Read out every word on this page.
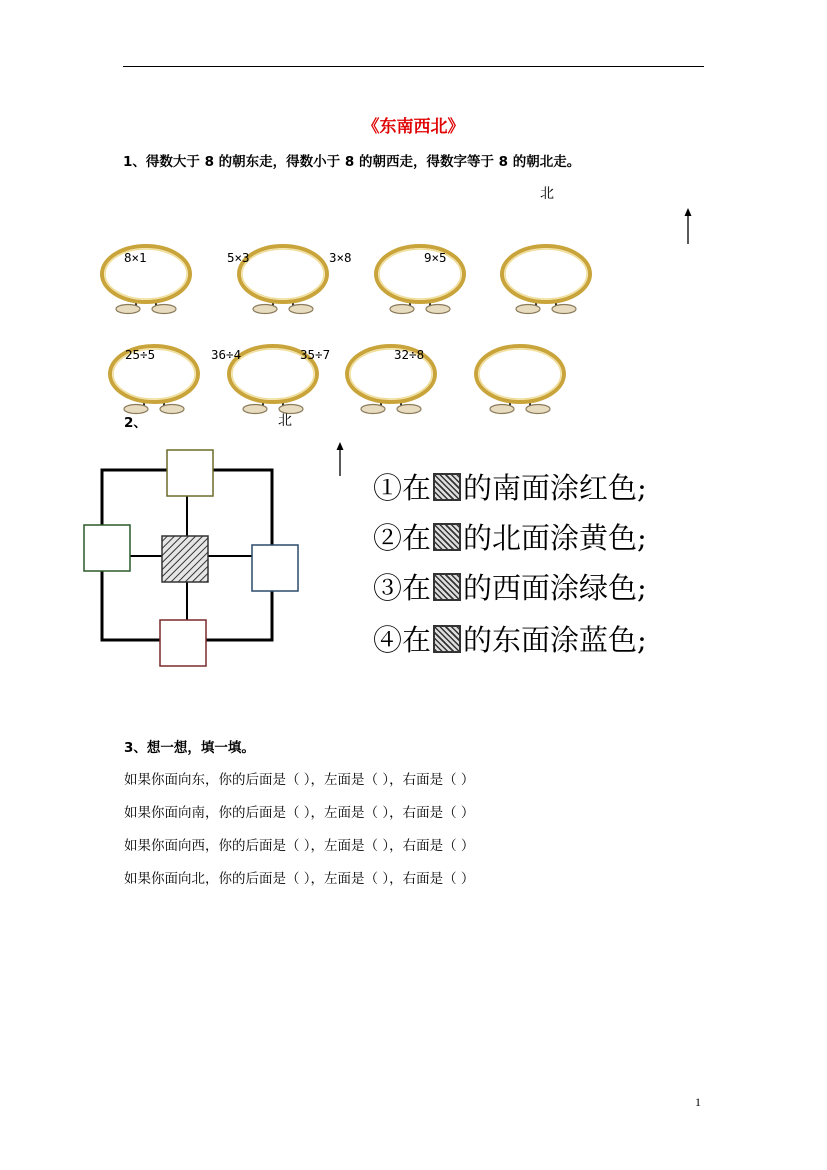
《东南西北》
1、得数大于 8 的朝东走，得数小于 8 的朝西走，得数字等于 8 的朝北走。
北
8×1	5×3	3×8	9×5
25÷5	36÷4	35÷7	32÷8
2、	北
①在 的南面涂红色;
②在 的北面涂黄色;
③在 的西面涂绿色;
④在 的东面涂蓝色;
3、想一想，填一填。
如果你面向东，你的后面是（ ），左面是（ ），右面是（ ）
如果你面向南，你的后面是（ ），左面是（ ），右面是（ ）
如果你面向西，你的后面是（ ），左面是（ ），右面是（ ）
如果你面向北，你的后面是（ ），左面是（ ），右面是（ ）
1
